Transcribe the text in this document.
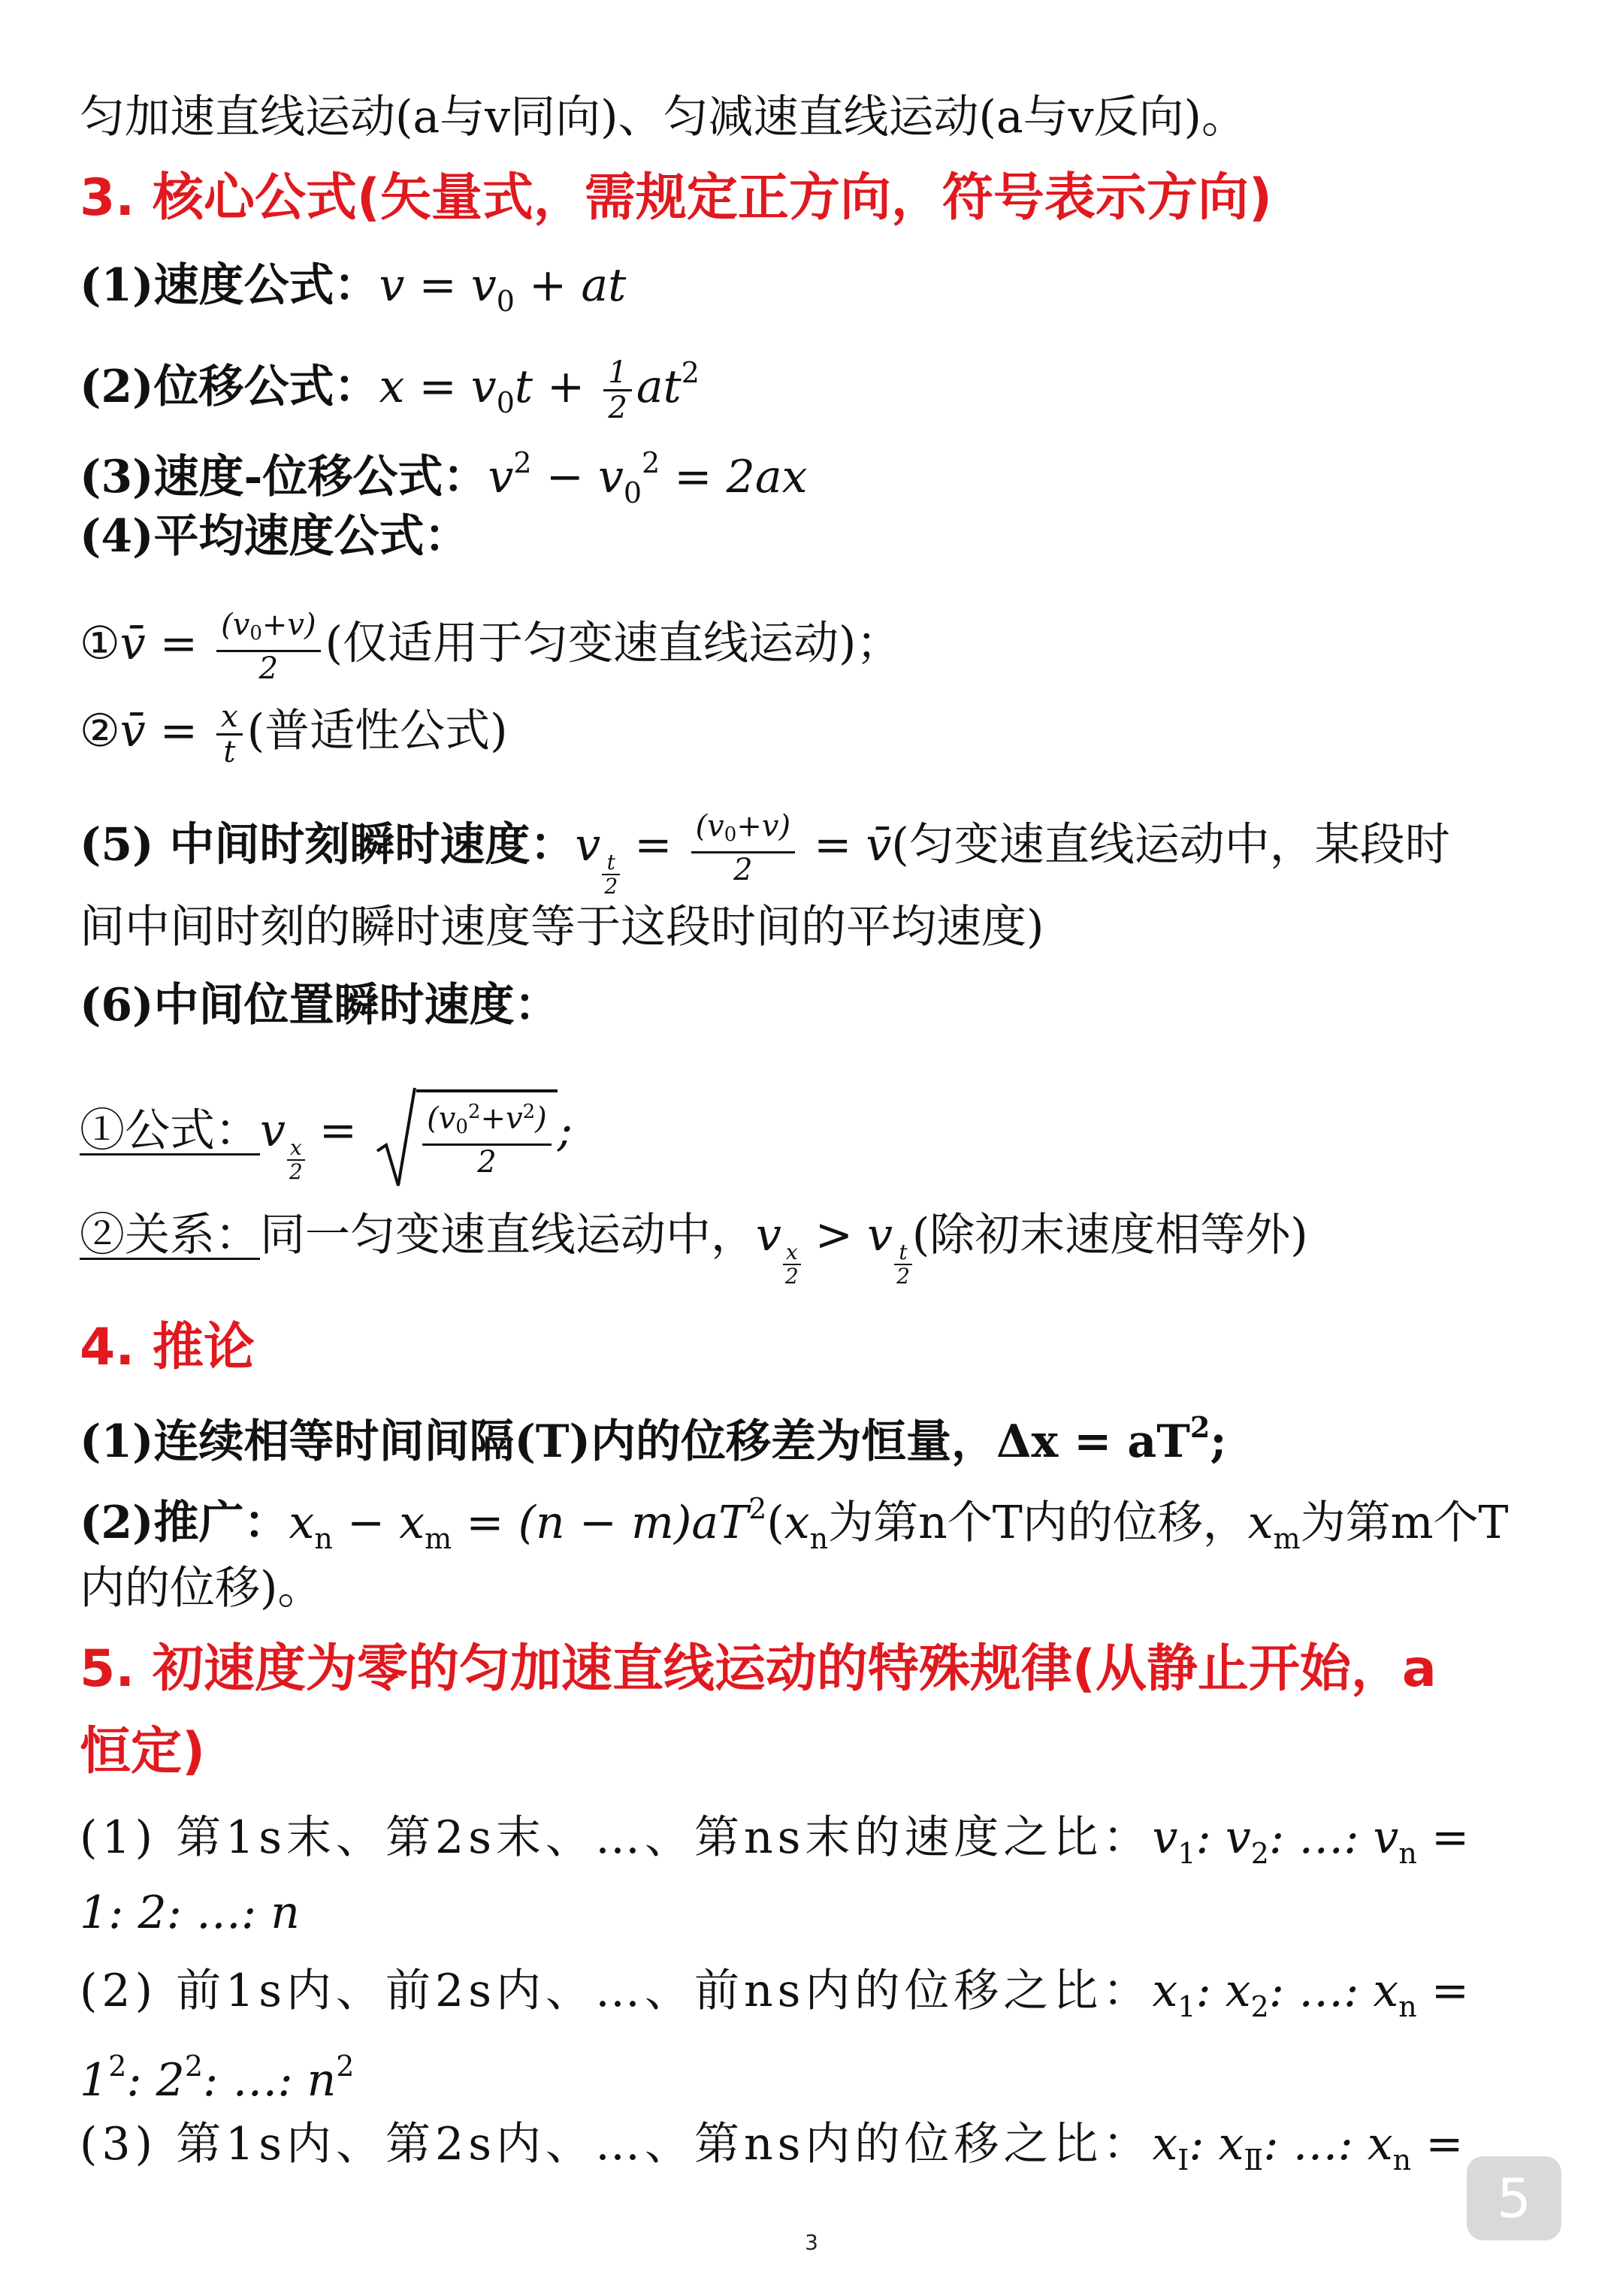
匀加速直线运动(a与v同向)、匀减速直线运动(a与v反向)。
3. 核心公式(矢量式，需规定正方向，符号表示方向)
(1)速度公式：$v = v_0$ + at
(2)位移公式：$x = v_0t + \frac{1}{2} at^2$
(3)速度-位移公式：$v^2 - v_0^2 = 2ax$
(4)平均速度公式：
①v̄ = $\frac{(v_0+v)}{2}$ (仅适用于匀变速直线运动)；
②v̄ = $\frac{x}{t}$ (普适性公式)
(5) 中间时刻瞬时速度：v
$\frac{t}{2}$
= $\frac{(v_0+v)}{2}$ = v̄(匀变速直线运动中，某段时
间中间时刻的瞬时速度等于这段时间的平均速度)
(6)中间位置瞬时速度：
①公式：v
$\frac{x}{2}$
= $\frac{(v_0^2+v^2)}{2}$ ;
②关系：同一匀变速直线运动中，v
$\frac{x}{2}$
> v
$\frac{t}{2}$
(除初末速度相等外)
4. 推论
(1)连续相等时间间隔(T)内的位移差为恒量，$\Delta x = aT^2$;
(2)推广：$x_n - x_m = (n - m)aT^2(x_n$为第n个T内的位移，$x_m$为第m个T
内的位移)。
5. 初速度为零的匀加速直线运动的特殊规律(从静止开始，a
恒定)
(1) 第1s末、第2s末、…、第ns末的速度之比：$v_1$: $v_2$: …: $v_n$ =
1: 2: …: n
(2) 前1s内、前2s内、…、前ns内的位移之比：$x_1$: $x_2$: …: $x_n$ =
$1^2$: $2^2$: …: $n^2$
(3) 第1s内、第2s内、…、第ns内的位移之比：$x_Ⅰ$: $x_Ⅱ$: …: $x_n$ =
3
5
